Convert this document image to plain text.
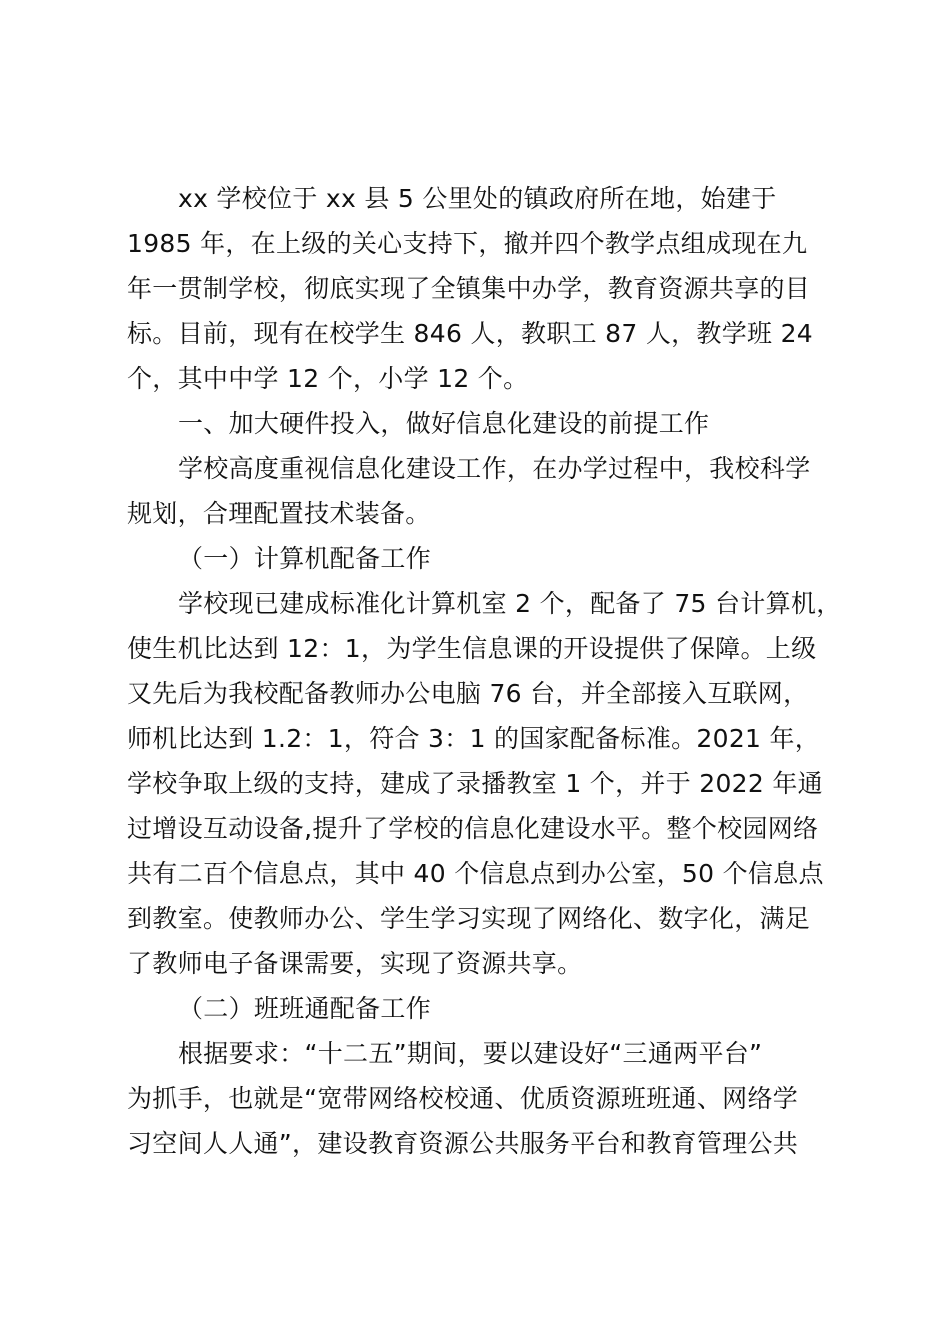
xx 学校位于 xx 县 5 公里处的镇政府所在地，始建于
1985 年，在上级的关心支持下，撤并四个教学点组成现在九
年一贯制学校，彻底实现了全镇集中办学，教育资源共享的目
标。目前，现有在校学生 846 人，教职工 87 人，教学班 24
个，其中中学 12 个，小学 12 个。
一、加大硬件投入，做好信息化建设的前提工作
学校高度重视信息化建设工作，在办学过程中，我校科学
规划，合理配置技术装备。
（一）计算机配备工作
学校现已建成标准化计算机室 2 个，配备了 75 台计算机，
使生机比达到 12：1，为学生信息课的开设提供了保障。上级
又先后为我校配备教师办公电脑 76 台，并全部接入互联网，
师机比达到 1.2：1，符合 3：1 的国家配备标准。2021 年，
学校争取上级的支持，建成了录播教室 1 个，并于 2022 年通
过增设互动设备,提升了学校的信息化建设水平。整个校园网络
共有二百个信息点，其中 40 个信息点到办公室，50 个信息点
到教室。使教师办公、学生学习实现了网络化、数字化，满足
了教师电子备课需要，实现了资源共享。
（二）班班通配备工作
根据要求：“十二五”期间，要以建设好“三通两平台”
为抓手，也就是“宽带网络校校通、优质资源班班通、网络学
习空间人人通”，建设教育资源公共服务平台和教育管理公共
